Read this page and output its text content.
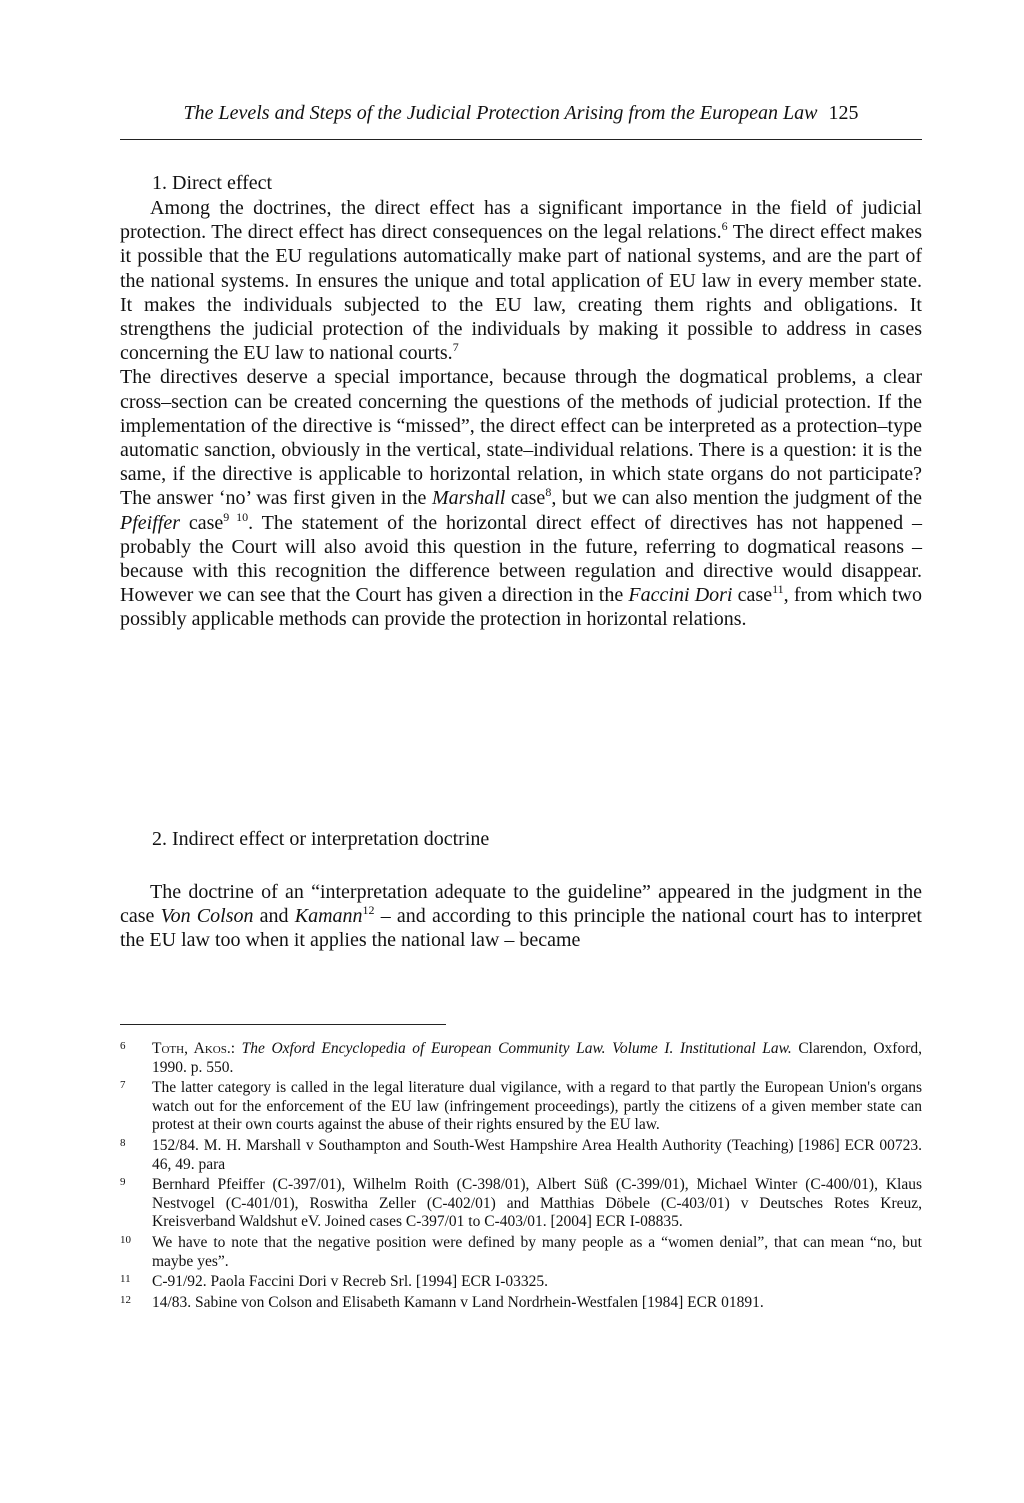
The Levels and Steps of the Judicial Protection Arising from the European Law 125
1. Direct effect
Among the doctrines, the direct effect has a significant importance in the field of judicial protection. The direct effect has direct consequences on the legal relations.$^6$ The direct effect makes it possible that the EU regulations automatically make part of national systems, and are the part of the national systems. In ensures the unique and total application of EU law in every member state. It makes the individuals subjected to the EU law, creating them rights and obligations. It strengthens the judicial protection of the individuals by making it possible to address in cases concerning the EU law to national courts.$^7$
The directives deserve a special importance, because through the dogmatical problems, a clear cross–section can be created concerning the questions of the methods of judicial protection. If the implementation of the directive is “missed”, the direct effect can be interpreted as a protection–type automatic sanction, obviously in the vertical, state–individual relations. There is a question: it is the same, if the directive is applicable to horizontal relation, in which state organs do not participate? The answer ‘no’ was first given in the Marshall case$^8$, but we can also mention the judgment of the Pfeiffer case$^{9 10}$. The statement of the horizontal direct effect of directives has not happened – probably the Court will also avoid this question in the future, referring to dogmatical reasons – because with this recognition the difference between regulation and directive would disappear. However we can see that the Court has given a direction in the Faccini Dori case$^{11}$, from which two possibly applicable methods can provide the protection in horizontal relations.
2. Indirect effect or interpretation doctrine

The doctrine of an “interpretation adequate to the guideline” appeared in the judgment in the case Von Colson and Kamann$^{12}$ – and according to this principle the national court has to interpret the EU law too when it applies the national law – became

6 Toth, Akos.: The Oxford Encyclopedia of European Community Law. Volume I. Institutional Law. Clarendon, Oxford, 1990. p. 550.
7 The latter category is called in the legal literature dual vigilance, with a regard to that partly the European Union's organs watch out for the enforcement of the EU law (infringement proceedings), partly the citizens of a given member state can protest at their own courts against the abuse of their rights ensured by the EU law.
8 152/84. M. H. Marshall v Southampton and South-West Hampshire Area Health Authority (Teaching) [1986] ECR 00723. 46, 49. para
9 Bernhard Pfeiffer (C-397/01), Wilhelm Roith (C-398/01), Albert Süß (C-399/01), Michael Winter (C-400/01), Klaus Nestvogel (C-401/01), Roswitha Zeller (C-402/01) and Matthias Döbele (C-403/01) v Deutsches Rotes Kreuz, Kreisverband Waldshut eV. Joined cases C-397/01 to C-403/01. [2004] ECR I-08835.
10 We have to note that the negative position were defined by many people as a “women denial”, that can mean “no, but maybe yes”.
11 C-91/92. Paola Faccini Dori v Recreb Srl. [1994] ECR I-03325.
12 14/83. Sabine von Colson and Elisabeth Kamann v Land Nordrhein-Westfalen [1984] ECR 01891.
